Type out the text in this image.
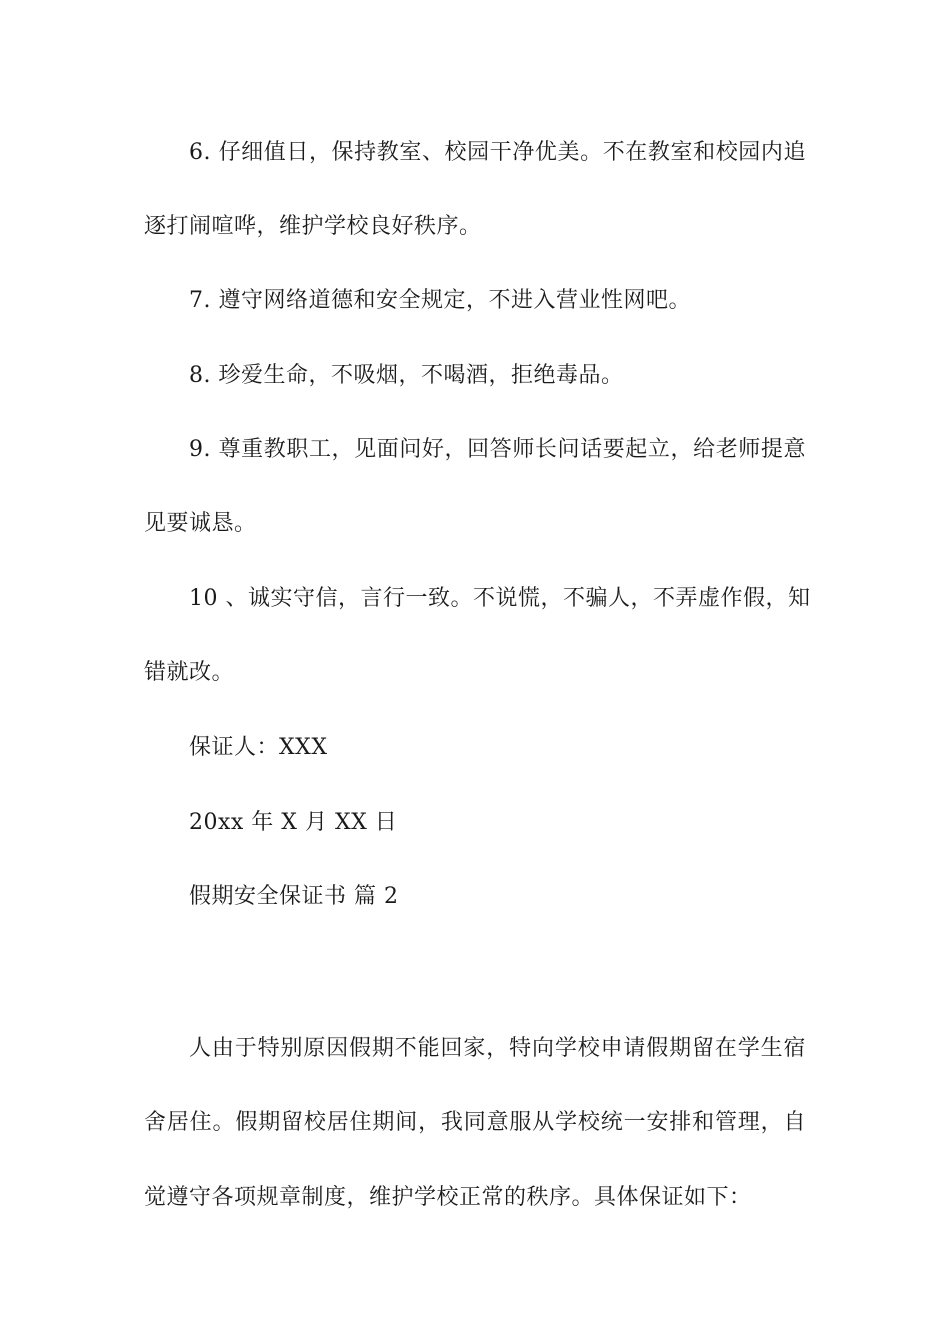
6. 仔细值日，保持教室、校园干净优美。不在教室和校园内追
逐打闹喧哗，维护学校良好秩序。
7. 遵守网络道德和安全规定，不进入营业性网吧。
8. 珍爱生命，不吸烟，不喝酒，拒绝毒品。
9. 尊重教职工，见面问好，回答师长问话要起立，给老师提意
见要诚恳。
10 、诚实守信，言行一致。不说慌，不骗人，不弄虚作假，知
错就改。
保证人：XXX
20xx 年 X 月 XX 日
假期安全保证书 篇 2
人由于特别原因假期不能回家，特向学校申请假期留在学生宿
舍居住。假期留校居住期间，我同意服从学校统一安排和管理，自
觉遵守各项规章制度，维护学校正常的秩序。具体保证如下：
